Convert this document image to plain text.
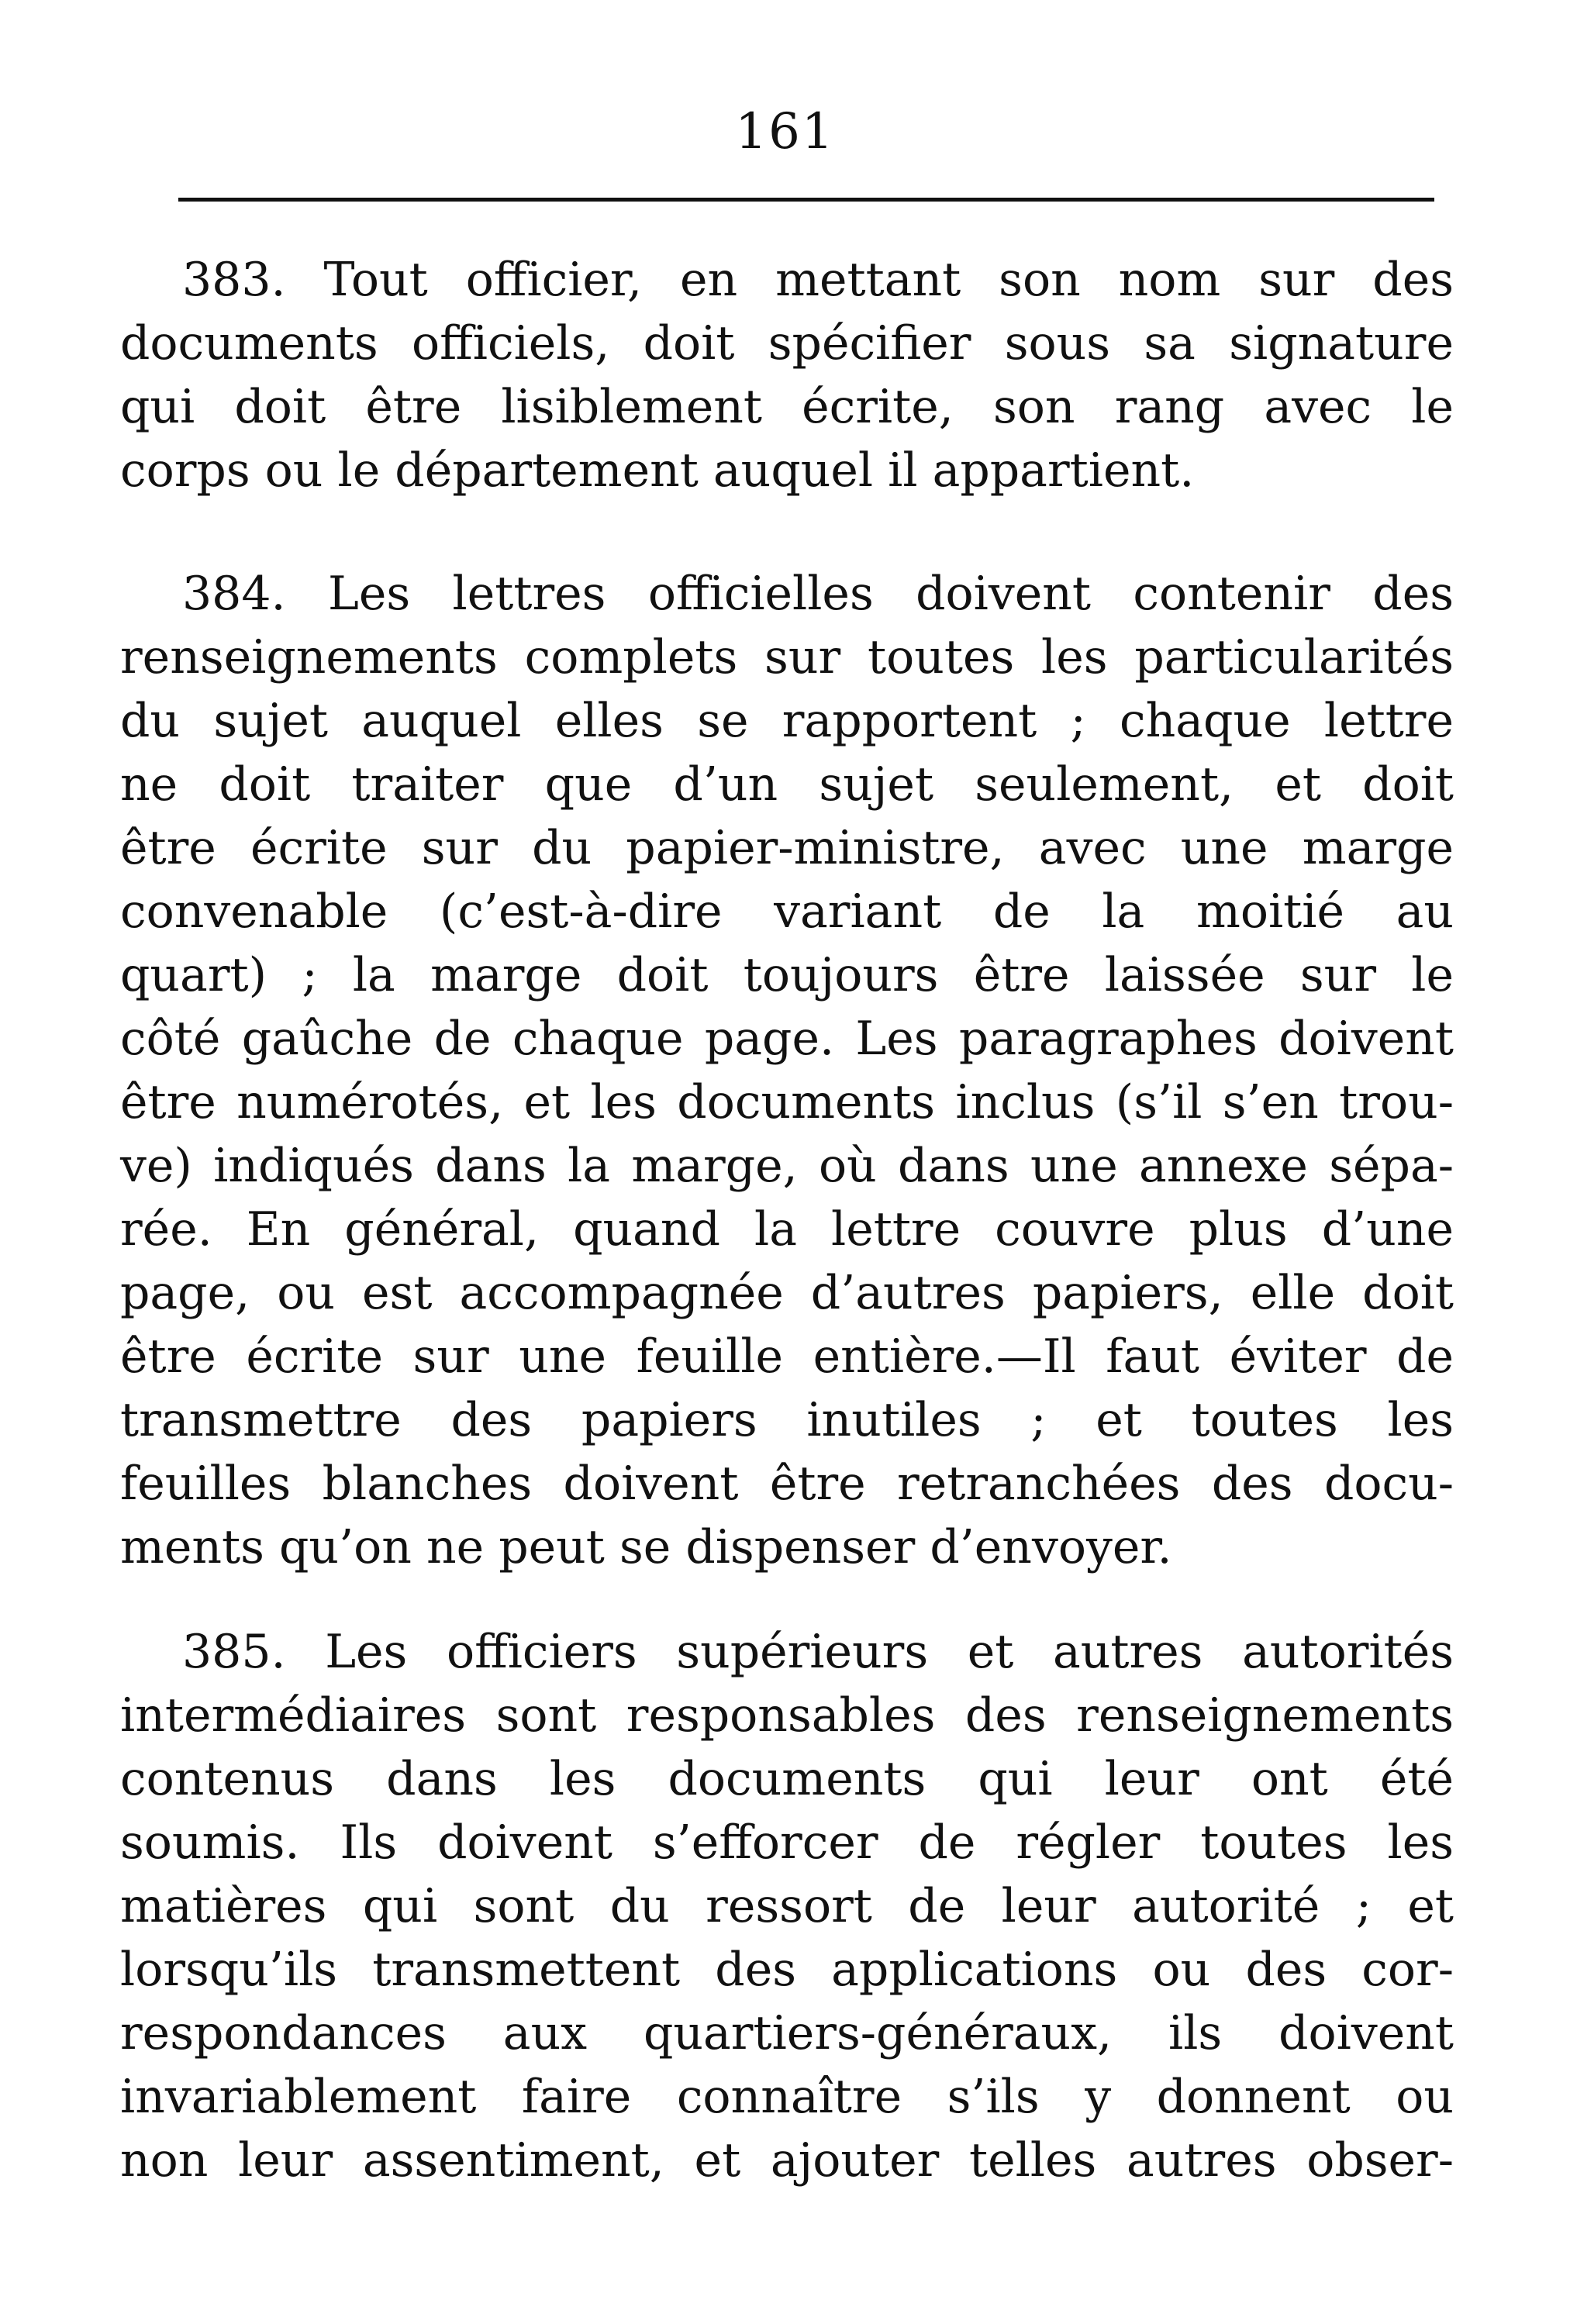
161
383. Tout officier, en mettant son nom sur des
documents officiels, doit spécifier sous sa signature
qui doit être lisiblement écrite, son rang avec le
corps ou le département auquel il appartient.
384. Les lettres officielles doivent contenir des
renseignements complets sur toutes les particularités
du sujet auquel elles se rapportent ; chaque lettre
ne doit traiter que d’un sujet seulement, et doit
être écrite sur du papier-ministre, avec une marge
convenable (c’est-à-dire variant de la moitié au
quart) ; la marge doit toujours être laissée sur le
côté gaûche de chaque page. Les paragraphes doivent
être numérotés, et les documents inclus (s’il s’en trou-
ve) indiqués dans la marge, où dans une annexe sépa-
rée. En général, quand la lettre couvre plus d’une
page, ou est accompagnée d’autres papiers, elle doit
être écrite sur une feuille entière.—Il faut éviter de
transmettre des papiers inutiles ; et toutes les
feuilles blanches doivent être retranchées des docu-
ments qu’on ne peut se dispenser d’envoyer.
385. Les officiers supérieurs et autres autorités
intermédiaires sont responsables des renseignements
contenus dans les documents qui leur ont été
soumis. Ils doivent s’efforcer de régler toutes les
matières qui sont du ressort de leur autorité ; et
lorsqu’ils transmettent des applications ou des cor-
respondances aux quartiers-généraux, ils doivent
invariablement faire connaître s’ils y donnent ou
non leur assentiment, et ajouter telles autres obser-
